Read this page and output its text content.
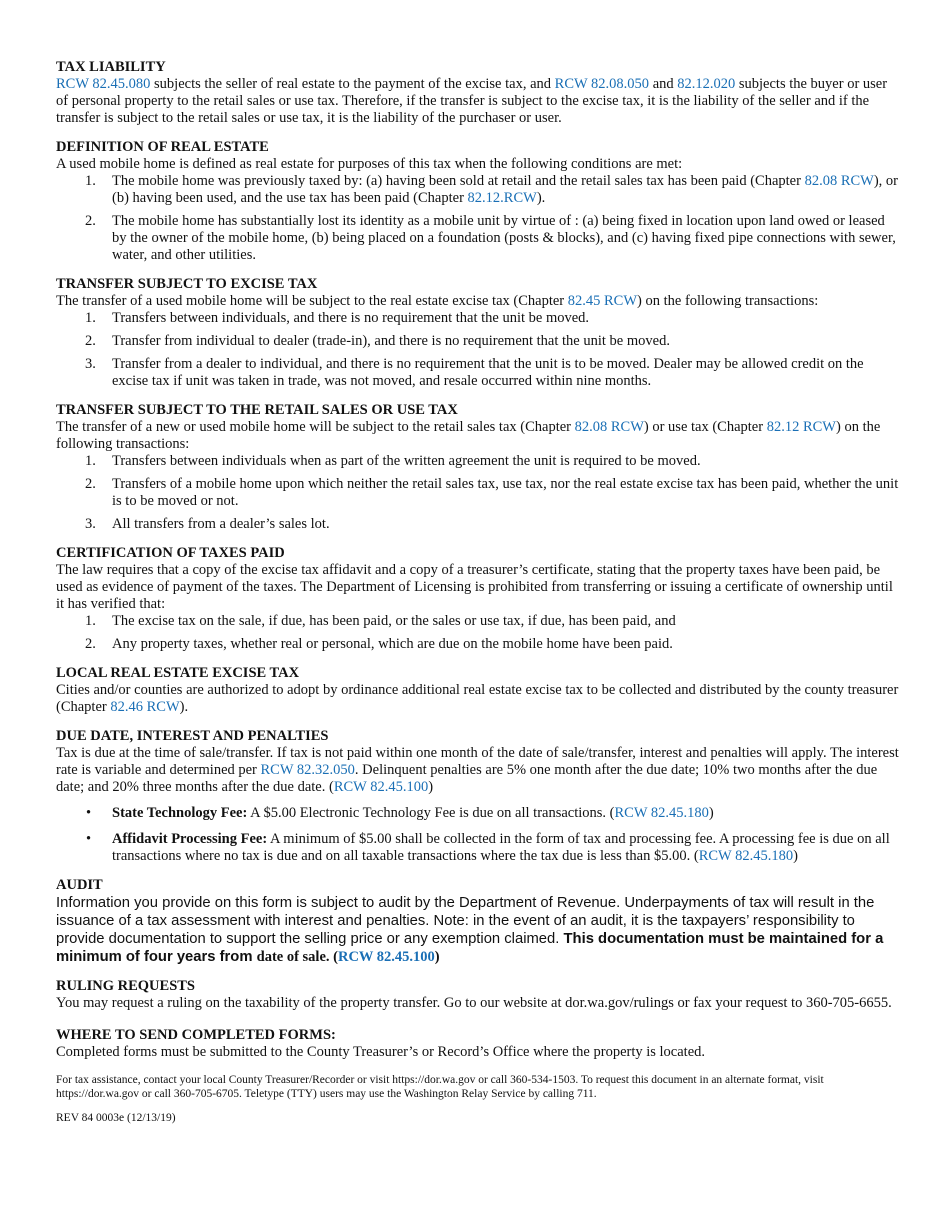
TAX LIABILITY

RCW 82.45.080 subjects the seller of real estate to the payment of the excise tax, and RCW 82.08.050 and 82.12.020 subjects the buyer or user of personal property to the retail sales or use tax. Therefore, if the transfer is subject to the excise tax, it is the liability of the seller and if the transfer is subject to the retail sales or use tax, it is the liability of the purchaser or user.

DEFINITION OF REAL ESTATE

A used mobile home is defined as real estate for purposes of this tax when the following conditions are met:

1. The mobile home was previously taxed by: (a) having been sold at retail and the retail sales tax has been paid (Chapter 82.08 RCW), or (b) having been used, and the use tax has been paid (Chapter 82.12.RCW).
2. The mobile home has substantially lost its identity as a mobile unit by virtue of : (a) being fixed in location upon land owed or leased by the owner of the mobile home, (b) being placed on a foundation (posts & blocks), and (c) having fixed pipe connections with sewer, water, and other utilities.
TRANSFER SUBJECT TO EXCISE TAX

The transfer of a used mobile home will be subject to the real estate excise tax (Chapter 82.45 RCW) on the following transactions:

1. Transfers between individuals, and there is no requirement that the unit be moved.
2. Transfer from individual to dealer (trade-in), and there is no requirement that the unit be moved.
3. Transfer from a dealer to individual, and there is no requirement that the unit is to be moved. Dealer may be allowed credit on the excise tax if unit was taken in trade, was not moved, and resale occurred within nine months.
TRANSFER SUBJECT TO THE RETAIL SALES OR USE TAX

The transfer of a new or used mobile home will be subject to the retail sales tax (Chapter 82.08 RCW) or use tax (Chapter 82.12 RCW) on the following transactions:

1. Transfers between individuals when as part of the written agreement the unit is required to be moved.
2. Transfers of a mobile home upon which neither the retail sales tax, use tax, nor the real estate excise tax has been paid, whether the unit is to be moved or not.
3. All transfers from a dealer’s sales lot.
CERTIFICATION OF TAXES PAID

The law requires that a copy of the excise tax affidavit and a copy of a treasurer’s certificate, stating that the property taxes have been paid, be used as evidence of payment of the taxes. The Department of Licensing is prohibited from transferring or issuing a certificate of ownership until it has verified that:

1. The excise tax on the sale, if due, has been paid, or the sales or use tax, if due, has been paid, and
2. Any property taxes, whether real or personal, which are due on the mobile home have been paid.
LOCAL REAL ESTATE EXCISE TAX

Cities and/or counties are authorized to adopt by ordinance additional real estate excise tax to be collected and distributed by the county treasurer (Chapter 82.46 RCW).

DUE DATE, INTEREST AND PENALTIES

Tax is due at the time of sale/transfer. If tax is not paid within one month of the date of sale/transfer, interest and penalties will apply. The interest rate is variable and determined per RCW 82.32.050. Delinquent penalties are 5% one month after the due date; 10% two months after the due date; and 20% three months after the due date. (RCW 82.45.100)

• State Technology Fee: A $5.00 Electronic Technology Fee is due on all transactions. (RCW 82.45.180)
• Affidavit Processing Fee: A minimum of $5.00 shall be collected in the form of tax and processing fee. A processing fee is due on all transactions where no tax is due and on all taxable transactions where the tax due is less than $5.00. (RCW 82.45.180)
AUDIT

Information you provide on this form is subject to audit by the Department of Revenue. Underpayments of tax will result in the issuance of a tax assessment with interest and penalties. Note: in the event of an audit, it is the taxpayers’ responsibility to provide documentation to support the selling price or any exemption claimed. This documentation must be maintained for a minimum of four years from date of sale. (RCW 82.45.100)

RULING REQUESTS

You may request a ruling on the taxability of the property transfer. Go to our website at dor.wa.gov/rulings or fax your request to 360-705-6655.

WHERE TO SEND COMPLETED FORMS:

Completed forms must be submitted to the County Treasurer’s or Record’s Office where the property is located.

For tax assistance, contact your local County Treasurer/Recorder or visit https://dor.wa.gov or call 360-534-1503. To request this document in an alternate format, visit https://dor.wa.gov or call 360-705-6705. Teletype (TTY) users may use the Washington Relay Service by calling 711.

REV 84 0003e (12/13/19)
